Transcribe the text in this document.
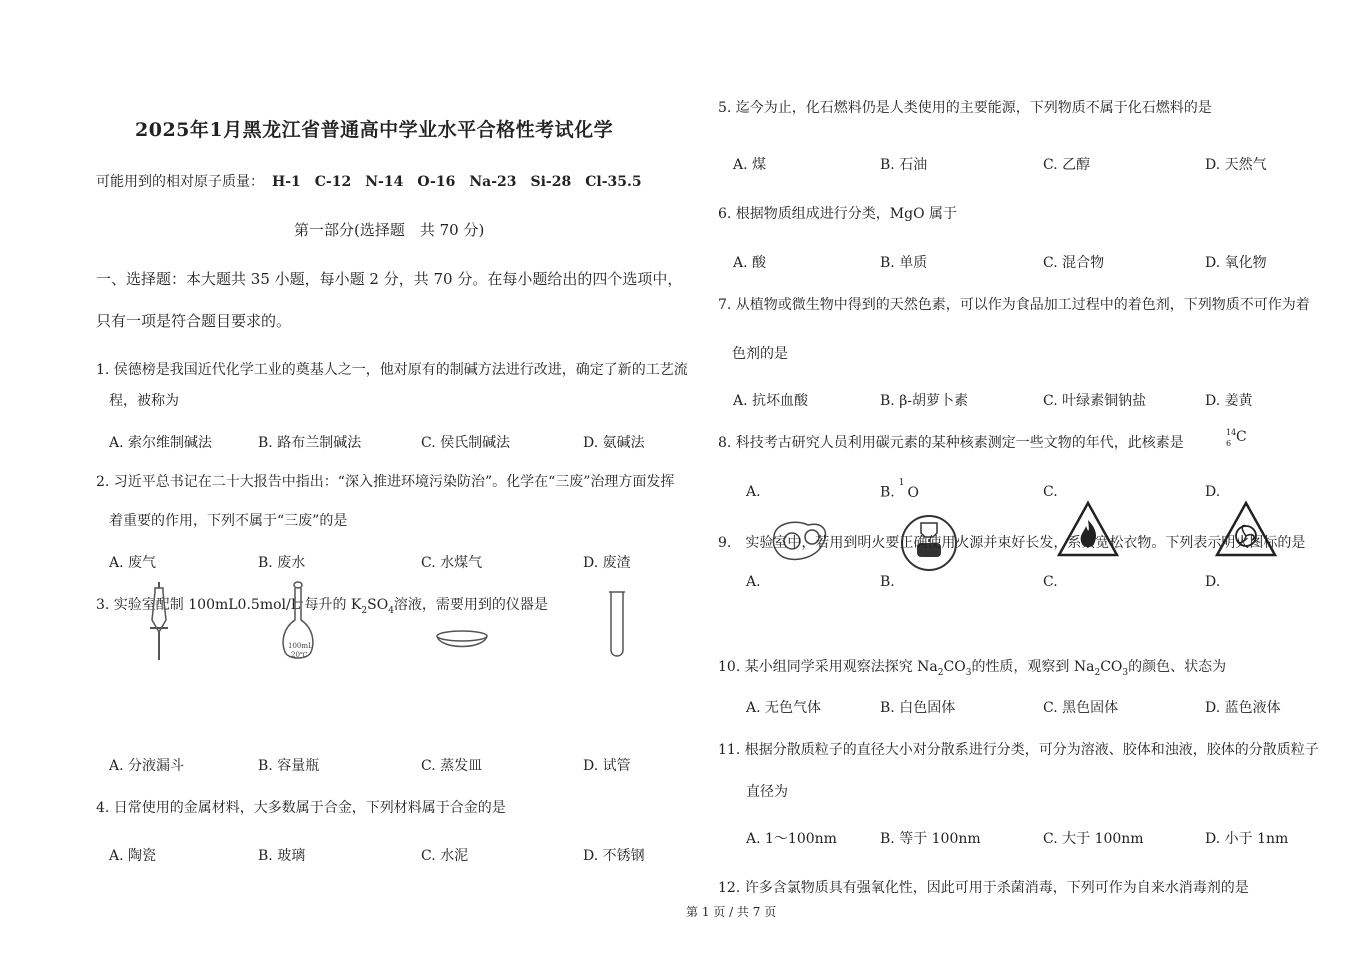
2025年1月黑龙江省普通高中学业水平合格性考试化学
可能用到的相对原子质量： H-1 C-12 N-14 O-16 Na-23 Si-28 Cl-35.5
第一部分(选择题　共 70 分)
一、选择题：本大题共 35 小题，每小题 2 分，共 70 分。在每小题给出的四个选项中，
只有一项是符合题目要求的。
1. 侯德榜是我国近代化学工业的奠基人之一，他对原有的制碱方法进行改进，确定了新的工艺流
程，被称为
A. 索尔维制碱法	B. 路布兰制碱法	C. 侯氏制碱法	D. 氨碱法
2. 习近平总书记在二十大报告中指出：“深入推进环境污染防治”。化学在“三废”治理方面发挥
着重要的作用，下列不属于“三废”的是
A. 废气	B. 废水	C. 水煤气	D. 废渣
3. 实验室配制 100mL0.5mol/L 每升的 $K_2SO_4$溶液，需要用到的仪器是
100mL
20℃
A. 分液漏斗	B. 容量瓶	C. 蒸发皿	D. 试管
4. 日常使用的金属材料，大多数属于合金，下列材料属于合金的是
A. 陶瓷	B. 玻璃	C. 水泥	D. 不锈钢
5. 迄今为止，化石燃料仍是人类使用的主要能源，下列物质不属于化石燃料的是
A. 煤	B. 石油	C. 乙醇	D. 天然气
6. 根据物质组成进行分类，MgO 属于
A. 酸	B. 单质	C. 混合物	D. 氧化物
7. 从植物或微生物中得到的天然色素，可以作为食品加工过程中的着色剂，下列物质不可作为着
色剂的是
A. 抗坏血酸	B. β-胡萝卜素	C. 叶绿素铜钠盐	D. 姜黄
8. 科技考古研究人员利用碳元素的某种核素测定一些文物的年代，此核素是
14
6 C
A.	B.$^1$O	C.	D.
9.　实验室中，若用到明火要正确使用火源并束好长发，系紧宽松衣物。下列表示明火图标的是
A.	B.	C.	D.
10. 某小组同学采用观察法探究 $Na_2CO_3$的性质，观察到 $Na_2CO_3$的颜色、状态为
A. 无色气体	B. 白色固体	C. 黑色固体	D. 蓝色液体
11. 根据分散质粒子的直径大小对分散系进行分类，可分为溶液、胶体和浊液，胶体的分散质粒子
直径为
A. 1～100nm	B. 等于 100nm	C. 大于 100nm	D. 小于 1nm
12. 许多含氯物质具有强氧化性，因此可用于杀菌消毒，下列可作为自来水消毒剂的是
第 1 页 / 共 7 页
